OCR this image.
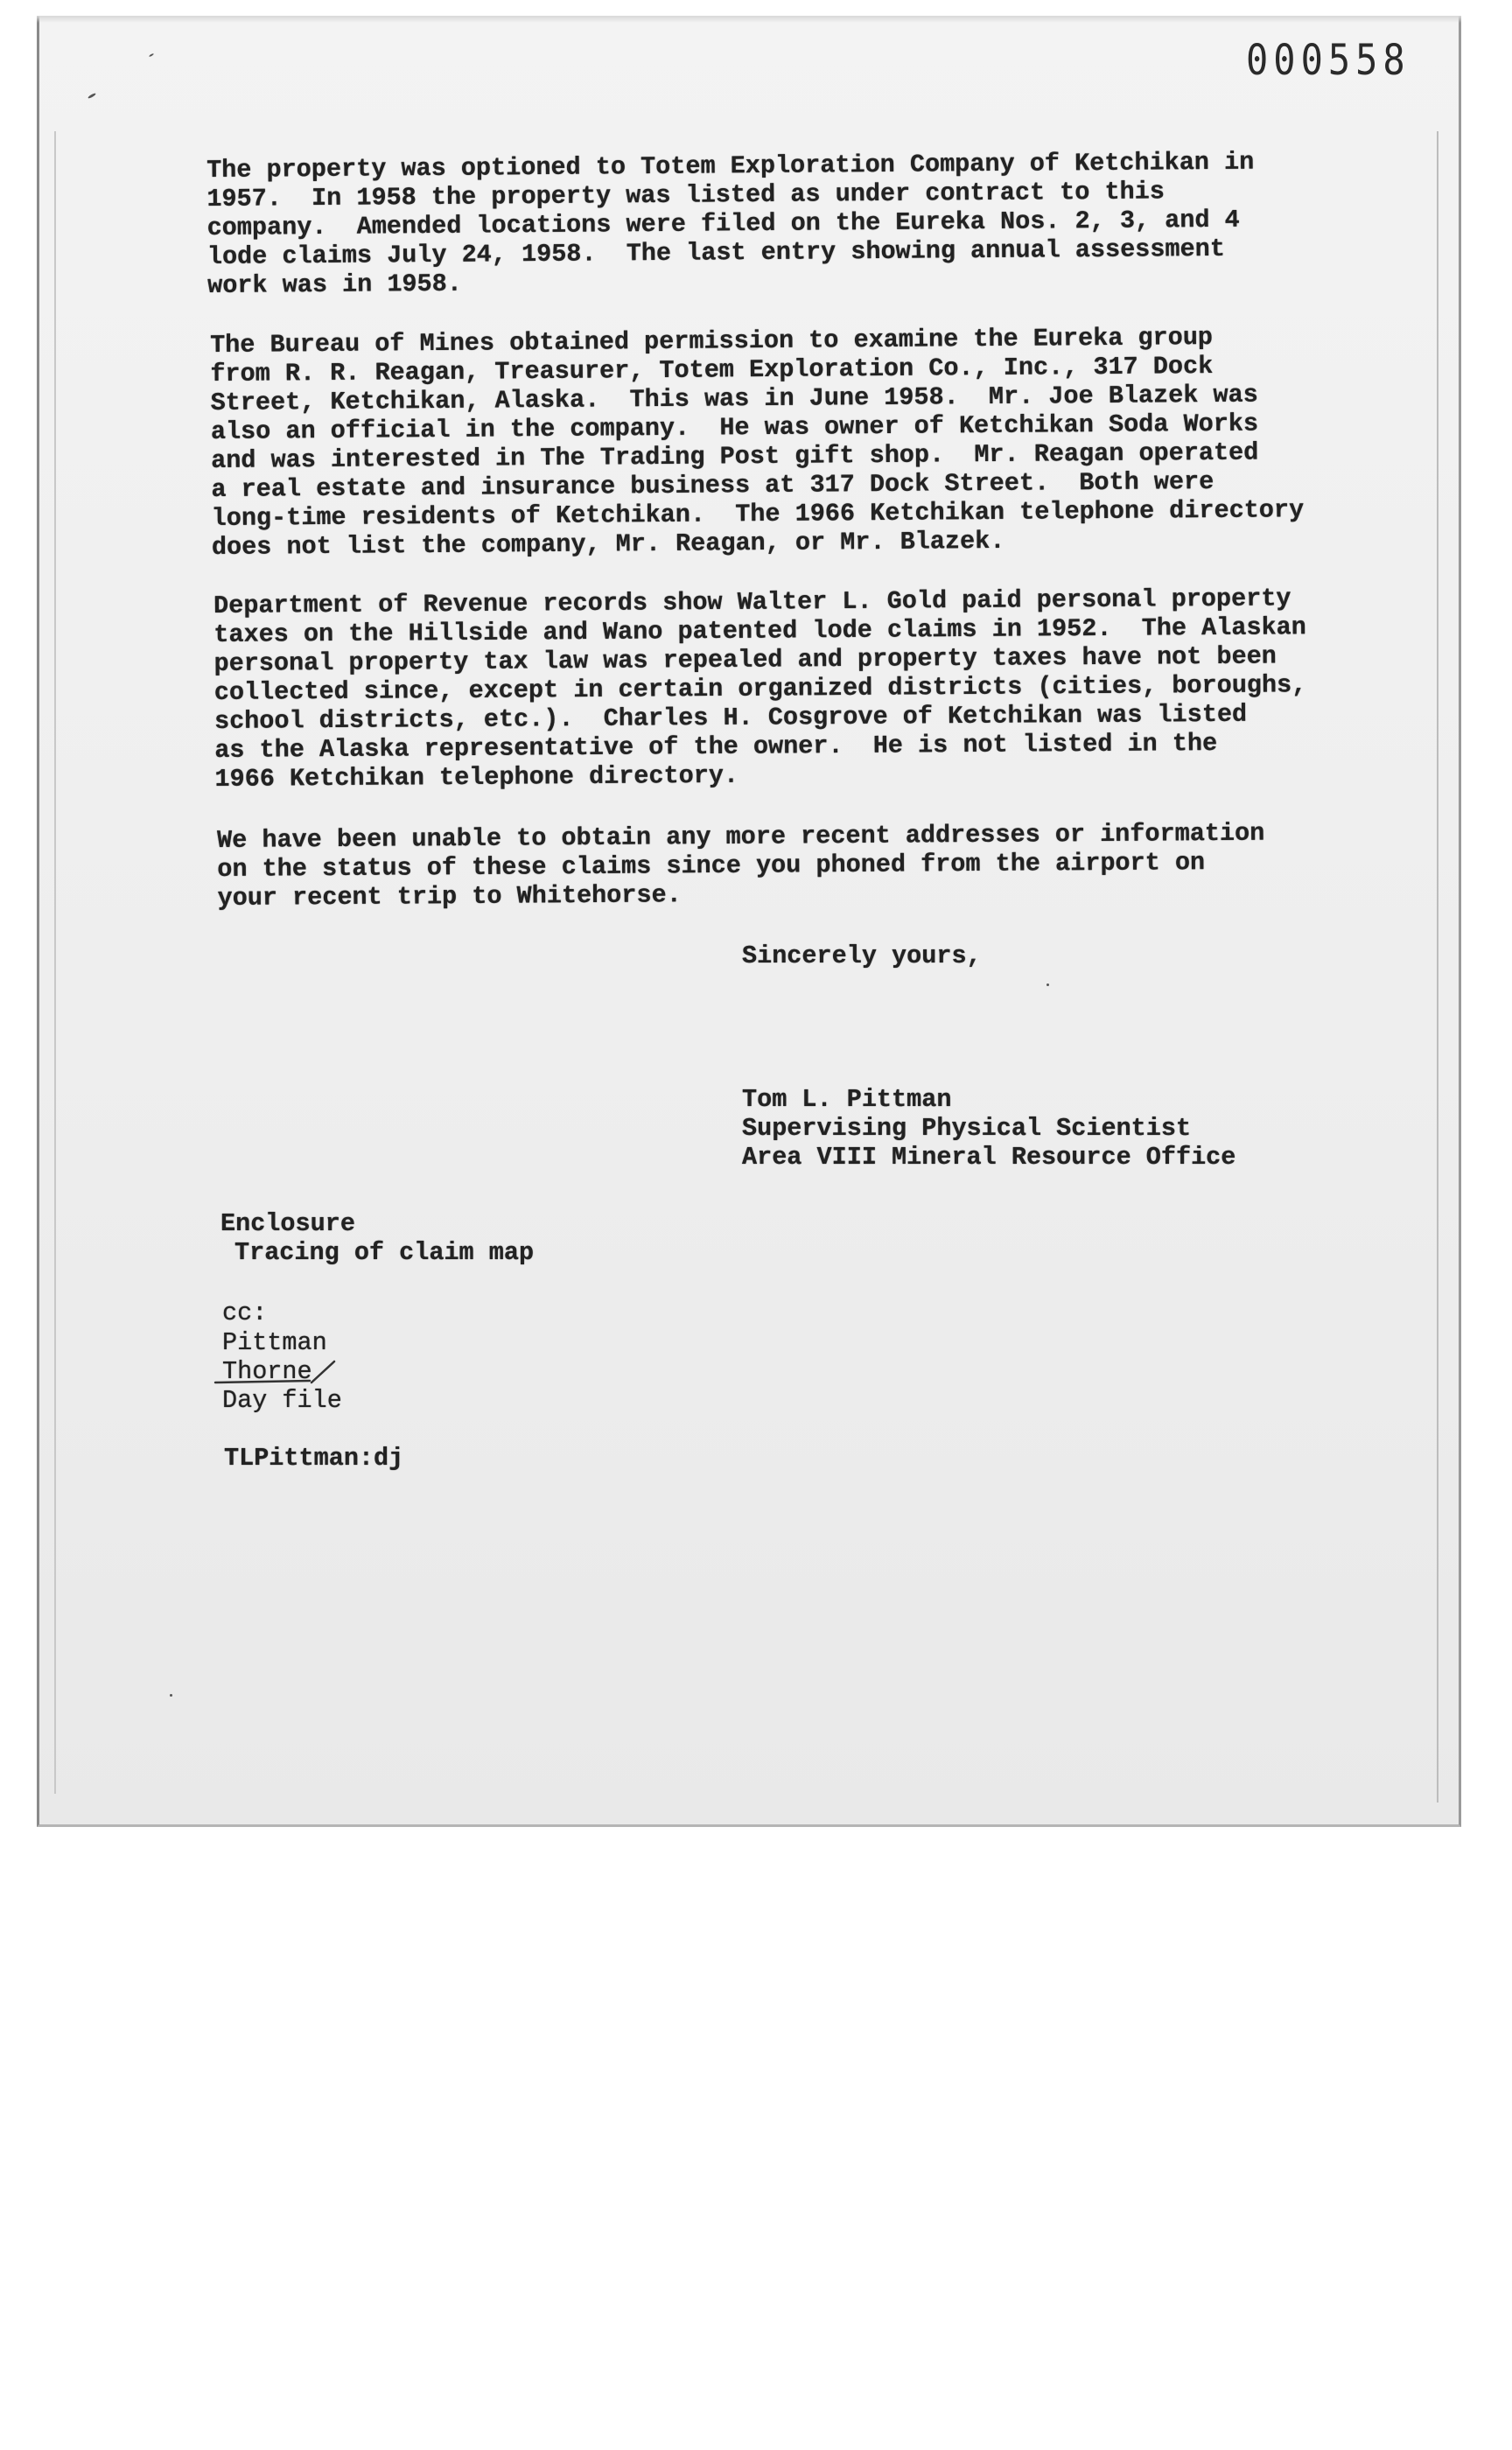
000558
The property was optioned to Totem Exploration Company of Ketchikan in
1957.  In 1958 the property was listed as under contract to this
company.  Amended locations were filed on the Eureka Nos. 2, 3, and 4
lode claims July 24, 1958.  The last entry showing annual assessment
work was in 1958.
The Bureau of Mines obtained permission to examine the Eureka group
from R. R. Reagan, Treasurer, Totem Exploration Co., Inc., 317 Dock
Street, Ketchikan, Alaska.  This was in June 1958.  Mr. Joe Blazek was
also an official in the company.  He was owner of Ketchikan Soda Works
and was interested in The Trading Post gift shop.  Mr. Reagan operated
a real estate and insurance business at 317 Dock Street.  Both were
long-time residents of Ketchikan.  The 1966 Ketchikan telephone directory
does not list the company, Mr. Reagan, or Mr. Blazek.
Department of Revenue records show Walter L. Gold paid personal property
taxes on the Hillside and Wano patented lode claims in 1952.  The Alaskan
personal property tax law was repealed and property taxes have not been
collected since, except in certain organized districts (cities, boroughs,
school districts, etc.).  Charles H. Cosgrove of Ketchikan was listed
as the Alaska representative of the owner.  He is not listed in the
1966 Ketchikan telephone directory.
We have been unable to obtain any more recent addresses or information
on the status of these claims since you phoned from the airport on
your recent trip to Whitehorse.
Sincerely yours,
Tom L. Pittman
Supervising Physical Scientist
Area VIII Mineral Resource Office
Enclosure
Tracing of claim map
cc:
Pittman
Thorne
Day file
TLPittman:dj
